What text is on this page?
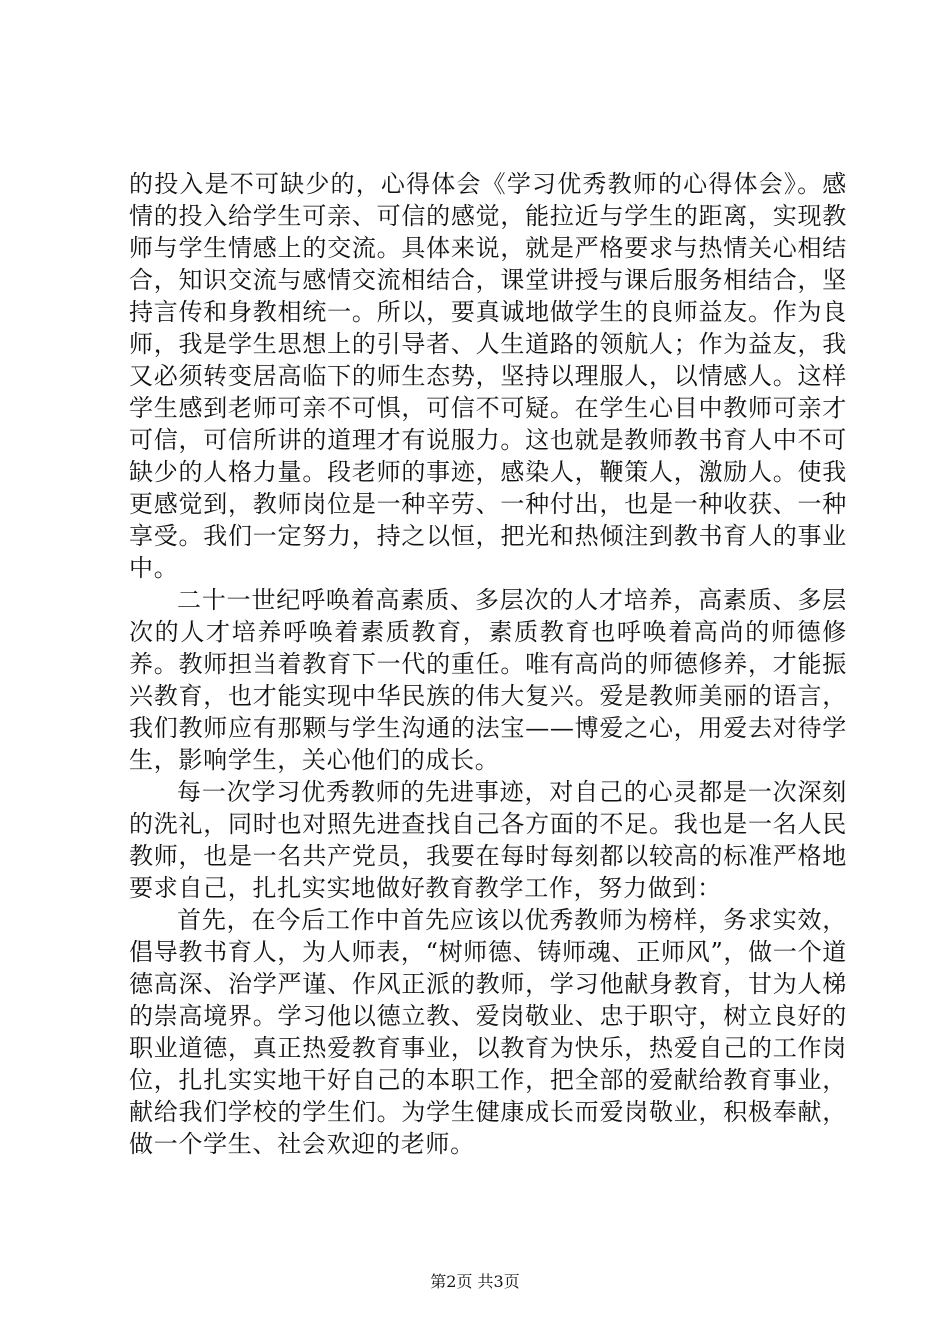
的投入是不可缺少的，心得体会《学习优秀教师的心得体会》。感情的投入给学生可亲、可信的感觉，能拉近与学生的距离，实现教师与学生情感上的交流。具体来说，就是严格要求与热情关心相结合，知识交流与感情交流相结合，课堂讲授与课后服务相结合，坚持言传和身教相统一。所以，要真诚地做学生的良师益友。作为良师，我是学生思想上的引导者、人生道路的领航人；作为益友，我又必须转变居高临下的师生态势，坚持以理服人，以情感人。这样学生感到老师可亲不可惧，可信不可疑。在学生心目中教师可亲才可信，可信所讲的道理才有说服力。这也就是教师教书育人中不可缺少的人格力量。段老师的事迹，感染人，鞭策人，激励人。使我更感觉到，教师岗位是一种辛劳、一种付出，也是一种收获、一种享受。我们一定努力，持之以恒，把光和热倾注到教书育人的事业中。

二十一世纪呼唤着高素质、多层次的人才培养，高素质、多层次的人才培养呼唤着素质教育，素质教育也呼唤着高尚的师德修养。教师担当着教育下一代的重任。唯有高尚的师德修养，才能振兴教育，也才能实现中华民族的伟大复兴。爱是教师美丽的语言，我们教师应有那颗与学生沟通的法宝——博爱之心，用爱去对待学生，影响学生，关心他们的成长。

每一次学习优秀教师的先进事迹，对自己的心灵都是一次深刻的洗礼，同时也对照先进查找自己各方面的不足。我也是一名人民教师，也是一名共产党员，我要在每时每刻都以较高的标准严格地要求自己，扎扎实实地做好教育教学工作，努力做到：

首先，在今后工作中首先应该以优秀教师为榜样，务求实效，倡导教书育人，为人师表，“树师德、铸师魂、正师风”，做一个道德高深、治学严谨、作风正派的教师，学习他献身教育，甘为人梯的崇高境界。学习他以德立教、爱岗敬业、忠于职守，树立良好的职业道德，真正热爱教育事业，以教育为快乐，热爱自己的工作岗位，扎扎实实地干好自己的本职工作，把全部的爱献给教育事业，献给我们学校的学生们。为学生健康成长而爱岗敬业，积极奉献，做一个学生、社会欢迎的老师。

第2页 共3页
